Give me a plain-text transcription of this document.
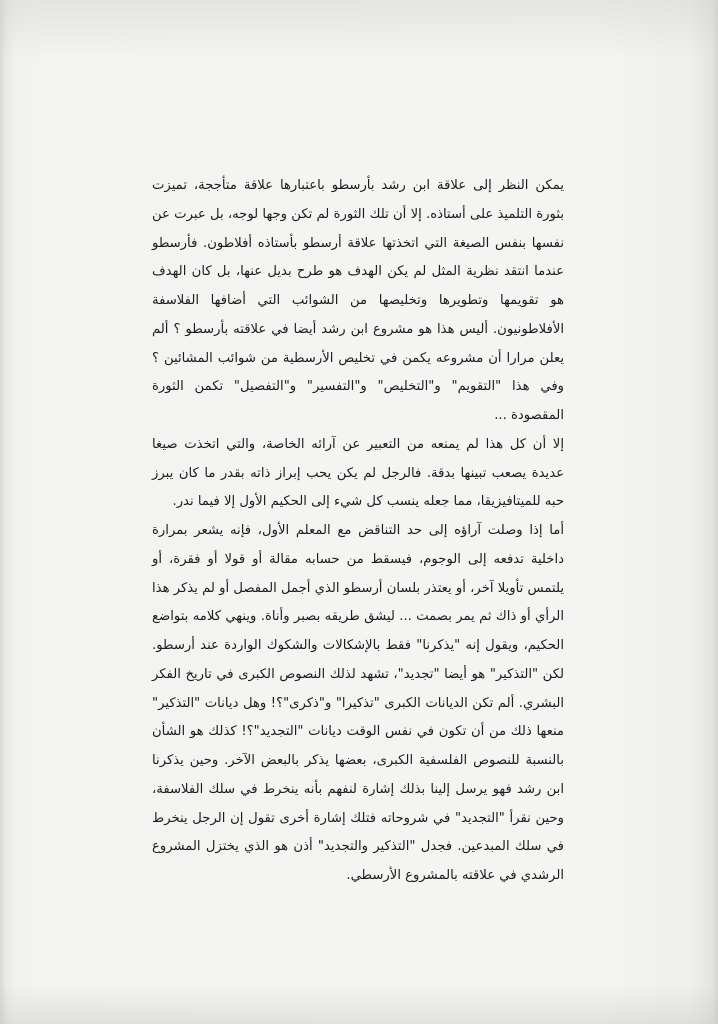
يمكن النظر إلى علاقة ابن رشد بأرسطو باعتبارها علاقة متأججة، تميزت بثورة التلميذ على أستاذه. إلا أن تلك الثورة لم تكن وجها لوجه، بل عبرت عن نفسها بنفس الصيغة التي اتخذتها علاقة أرسطو بأستاذه أفلاطون. فأرسطو عندما انتقد نظرية المثل لم يكن الهدف هو طرح بديل عنها، بل كان الهدف هو تقويمها وتطويرها وتخليصها من الشوائب التي أضافها الفلاسفة الأفلاطونيون. أليس هذا هو مشروع ابن رشد أيضا في علاقته بأرسطو ؟ ألم يعلن مرارا أن مشروعه يكمن في تخليص الأرسطية من شوائب المشائين ؟ وفي هذا "التقويم" و"التخليص" و"التفسير" و"التفصيل" تكمن الثورة المقصودة ...

إلا أن كل هذا لم يمنعه من التعبير عن آرائه الخاصة، والتي اتخذت صيغا عديدة يصعب تبينها بدقة. فالرجل لم يكن يحب إبراز ذاته بقدر ما كان يبرز حبه للميتافيزيقا، مما جعله ينسب كل شيء إلى الحكيم الأول إلا فيما ندر.

أما إذا وصلت آراؤه إلى حد التناقض مع المعلم الأول، فإنه يشعر بمرارة داخلية تدفعه إلى الوجوم، فيسقط من حسابه مقالة أو قولا أو فقرة، أو يلتمس تأويلا آخر، أو يعتذر بلسان أرسطو الذي أجمل المفصل أو لم يذكر هذا الرأي أو ذاك ثم يمر بصمت ... ليشق طريقه بصبر وأناة. وينهي كلامه بتواضع الحكيم، ويقول إنه "يذكرنا" فقط بالإشكالات والشكوك الواردة عند أرسطو. لكن "التذكير" هو أيضا "تجديد"، تشهد لذلك النصوص الكبرى في تاريخ الفكر البشري. ألم تكن الديانات الكبرى "تذكيرا" و"ذكرى"؟! وهل ديانات "التذكير" منعها ذلك من أن تكون في نفس الوقت ديانات "التجديد"؟! كذلك هو الشأن بالنسبة للنصوص الفلسفية الكبرى، بعضها يذكر بالبعض الآخر. وحين يذكرنا ابن رشد فهو يرسل إلينا بذلك إشارة لنفهم بأنه ينخرط في سلك الفلاسفة، وحين نقرأ "التجديد" في شروحاته فتلك إشارة أخرى تقول إن الرجل ينخرط في سلك المبدعين. فجدل "التذكير والتجديد" أذن هو الذي يختزل المشروع الرشدي في علاقته بالمشروع الأرسطي.
